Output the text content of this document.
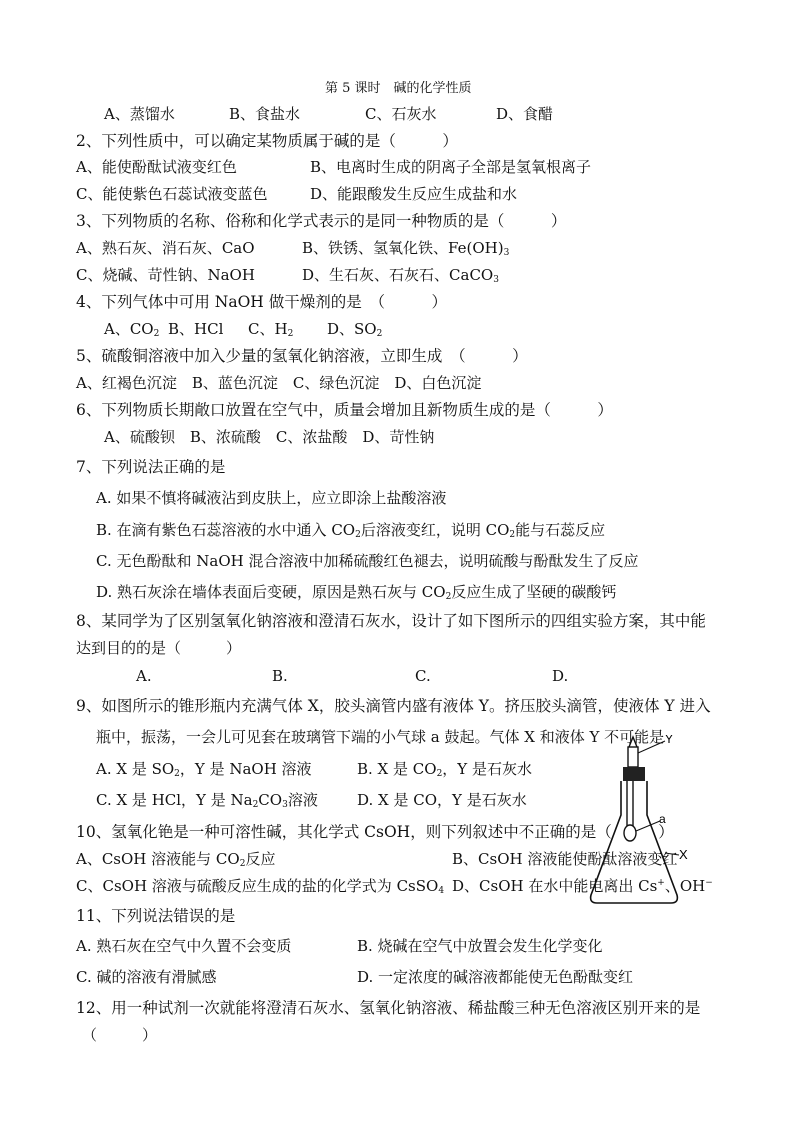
第 5 课时　碱的化学性质
A、蒸馏水	B、食盐水	C、石灰水	D、食醋
2、下列性质中，可以确定某物质属于碱的是（　　　）
A、能使酚酞试液变红色	B、电离时生成的阴离子全部是氢氧根离子
C、能使紫色石蕊试液变蓝色	D、能跟酸发生反应生成盐和水
3、下列物质的名称、俗称和化学式表示的是同一种物质的是（　　　）
A、熟石灰、消石灰、CaO	B、铁锈、氢氧化铁、$Fe(OH)_3$
C、烧碱、苛性钠、NaOH	D、生石灰、石灰石、CaCO$_3$
4、下列气体中可用 NaOH 做干燥剂的是　（　　　）
A、$CO_2$ B、HCl C、$H_2$ D、$SO_2$
5、硫酸铜溶液中加入少量的氢氧化钠溶液，立即生成　（　　　）
A、红褐色沉淀　B、蓝色沉淀　C、绿色沉淀　D、白色沉淀
6、下列物质长期敞口放置在空气中，质量会增加且新物质生成的是（　　　）
A、硫酸钡　B、浓硫酸　C、浓盐酸　D、苛性钠
7、下列说法正确的是
A. 如果不慎将碱液沾到皮肤上，应立即涂上盐酸溶液
B. 在滴有紫色石蕊溶液的水中通入 $CO_2$后溶液变红，说明 $CO_2$能与石蕊反应
C. 无色酚酞和 NaOH 混合溶液中加稀硫酸红色褪去，说明硫酸与酚酞发生了反应
D. 熟石灰涂在墙体表面后变硬，原因是熟石灰与 $CO_2$反应生成了坚硬的碳酸钙
8、某同学为了区别氢氧化钠溶液和澄清石灰水，设计了如下图所示的四组实验方案，其中能
达到目的的是（　　　）
A.	B.	C.	D.
9、如图所示的锥形瓶内充满气体 X，胶头滴管内盛有液体 Y。挤压胶头滴管，使液体 Y 进入
瓶中，振荡，一会儿可见套在玻璃管下端的小气球 a 鼓起。气体 X 和液体 Y 不可能是
A. X 是 $SO_2$，Y 是 NaOH 溶液	B. X 是 $CO_2$，Y 是石灰水
C. X 是 HCl，Y 是 $Na_2CO_3$溶液	D. X 是 CO，Y 是石灰水
Y
a
X
10、氢氧化铯是一种可溶性碱，其化学式 CsOH，则下列叙述中不正确的是（　　　）
A、CsOH 溶液能与 $CO_2$反应	B、CsOH 溶液能使酚酞溶液变红
C、CsOH 溶液与硫酸反应生成的盐的化学式为 CsSO$_4$ D、CsOH 在水中能电离出 Cs+、OH−
11、下列说法错误的是
A. 熟石灰在空气中久置不会变质	B. 烧碱在空气中放置会发生化学变化
C. 碱的溶液有滑腻感	D. 一定浓度的碱溶液都能使无色酚酞变红
12、用一种试剂一次就能将澄清石灰水、氢氧化钠溶液、稀盐酸三种无色溶液区别开来的是
（　　　）
